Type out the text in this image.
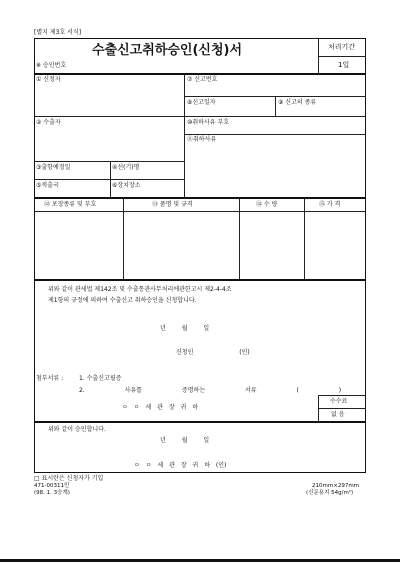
[별지 제3호 서식]
수출신고취하승인(신청)서
※ 승인번호
처리기간
1일
① 신청자	⑦ 신고번호
⑧신고일자	⑨ 신고의 종류
② 수출자	⑩취하사유 부호
⑪취하사유
③출항예정일	④선(기)명
⑤적출국	⑥장치장소
⑫ 포장종류 및 부호	⑬ 품명 및 규격	⑭ 수 량	⑮ 가 격
위와 같이 관세법 제142조 및 수출통관사무처리에관한고시 제2-4-4조
제1항의 규정에 의하여 수출신고 취하승인을 신청합니다.
년 월 일
신청인 (인)
첨부서류 :	1. 수출신고필증
2. 사유를 증명하는 서류 ( )
수수료
없 음
ㅇ ㅇ 세 관 장 귀 하
위와 같이 승인합니다.
년 월 일
ㅇ ㅇ 세 관 장 귀 하 (인)
□ 표시란은 신청자가 기입
471-00311민
(98. 1. 3승계)
210mm×297mm
(신문용지 54g/m²)
